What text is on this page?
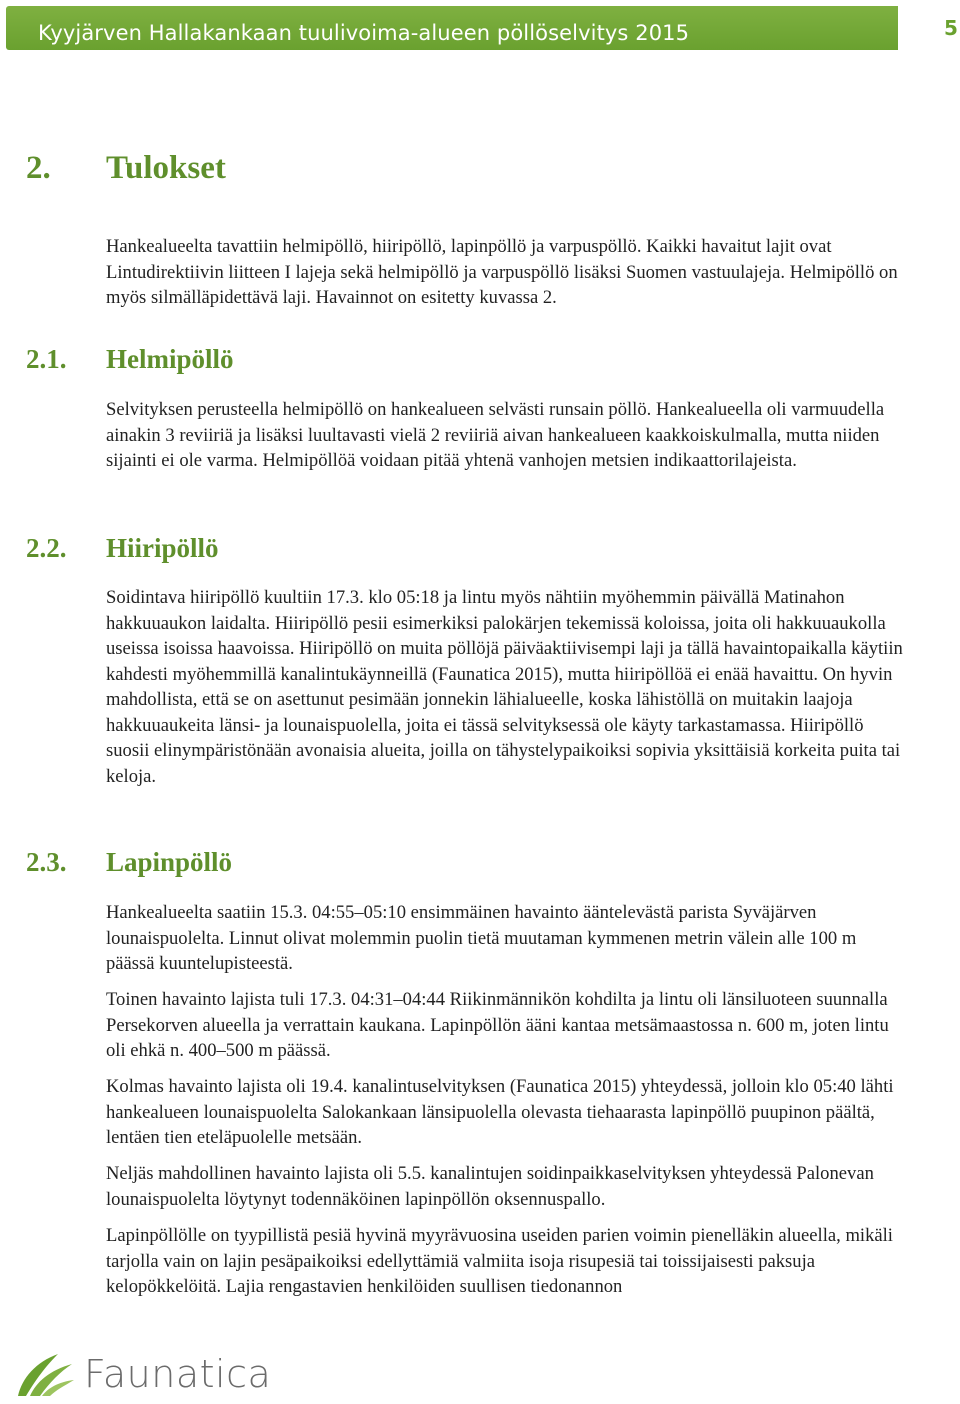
Kyyjärven Hallakankaan tuulivoima-alueen pöllöselvitys 2015	5
2. Tulokset

Hankealueelta tavattiin helmipöllö, hiiripöllö, lapinpöllö ja varpuspöllö. Kaikki havaitut lajit ovat Lintudirektiivin liitteen I lajeja sekä helmipöllö ja varpuspöllö lisäksi Suomen vastuulajeja. Helmipöllö on myös silmälläpidettävä laji. Havainnot on esitetty kuvassa 2.

2.1. Helmipöllö

Selvityksen perusteella helmipöllö on hankealueen selvästi runsain pöllö. Hankealueella oli varmuudella ainakin 3 reviiriä ja lisäksi luultavasti vielä 2 reviiriä aivan hankealueen kaakkoiskulmalla, mutta niiden sijainti ei ole varma. Helmipöllöä voidaan pitää yhtenä vanhojen metsien indikaattorilajeista.

2.2. Hiiripöllö

Soidintava hiiripöllö kuultiin 17.3. klo 05:18 ja lintu myös nähtiin myöhemmin päivällä Matinahon hakkuuaukon laidalta. Hiiripöllö pesii esimerkiksi palokärjen tekemissä koloissa, joita oli hakkuuaukolla useissa isoissa haavoissa. Hiiripöllö on muita pöllöjä päiväaktiivisempi laji ja tällä havaintopaikalla käytiin kahdesti myöhemmillä kanalintukäynneillä (Faunatica 2015), mutta hiiripöllöä ei enää havaittu. On hyvin mahdollista, että se on asettunut pesimään jonnekin lähialueelle, koska lähistöllä on muitakin laajoja hakkuuaukeita länsi- ja lounaispuolella, joita ei tässä selvityksessä ole käyty tarkastamassa. Hiiripöllö suosii elinympäristönään avonaisia alueita, joilla on tähystelypaikoiksi sopivia yksittäisiä korkeita puita tai keloja.

2.3. Lapinpöllö

Hankealueelta saatiin 15.3. 04:55–05:10 ensimmäinen havainto ääntelevästä parista Syväjärven lounaispuolelta. Linnut olivat molemmin puolin tietä muutaman kymmenen metrin välein alle 100 m päässä kuuntelupisteestä.

Toinen havainto lajista tuli 17.3. 04:31–04:44 Riikinmännikön kohdilta ja lintu oli länsiluoteen suunnalla Persekorven alueella ja verrattain kaukana. Lapinpöllön ääni kantaa metsämaastossa n. 600 m, joten lintu oli ehkä n. 400–500 m päässä.

Kolmas havainto lajista oli 19.4. kanalintuselvityksen (Faunatica 2015) yhteydessä, jolloin klo 05:40 lähti hankealueen lounaispuolelta Salokankaan länsipuolella olevasta tiehaarasta lapinpöllö puupinon päältä, lentäen tien eteläpuolelle metsään.

Neljäs mahdollinen havainto lajista oli 5.5. kanalintujen soidinpaikkaselvityksen yhteydessä Palonevan lounaispuolelta löytynyt todennäköinen lapinpöllön oksennuspallo.

Lapinpöllölle on tyypillistä pesiä hyvinä myyrävuosina useiden parien voimin pienelläkin alueella, mikäli tarjolla vain on lajin pesäpaikoiksi edellyttämiä valmiita isoja risupesiä tai toissijaisesti paksuja kelopökkelöitä. Lajia rengastavien henkilöiden suullisen tiedonannon

Faunatica
